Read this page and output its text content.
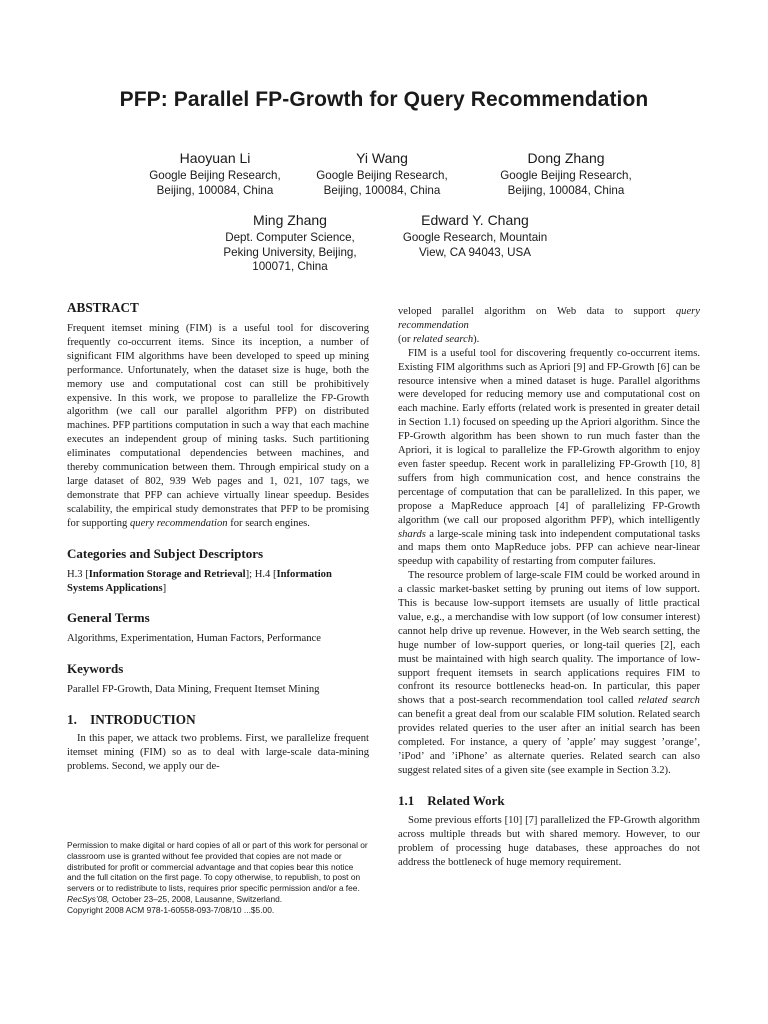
PFP: Parallel FP-Growth for Query Recommendation
Haoyuan Li
Google Beijing Research,
Beijing, 100084, China
Yi Wang
Google Beijing Research,
Beijing, 100084, China
Dong Zhang
Google Beijing Research,
Beijing, 100084, China
Ming Zhang
Dept. Computer Science,
Peking University, Beijing,
100071, China
Edward Y. Chang
Google Research, Mountain
View, CA 94043, USA
ABSTRACT

Frequent itemset mining (FIM) is a useful tool for discovering frequently co-occurrent items. Since its inception, a number of significant FIM algorithms have been developed to speed up mining performance. Unfortunately, when the dataset size is huge, both the memory use and computational cost can still be prohibitively expensive. In this work, we propose to parallelize the FP-Growth algorithm (we call our parallel algorithm PFP) on distributed machines. PFP partitions computation in such a way that each machine executes an independent group of mining tasks. Such partitioning eliminates computational dependencies between machines, and thereby communication between them. Through empirical study on a large dataset of 802, 939 Web pages and 1, 021, 107 tags, we demonstrate that PFP can achieve virtually linear speedup. Besides scalability, the empirical study demonstrates that PFP to be promising for supporting query recommendation for search engines.

Categories and Subject Descriptors

H.3 [Information Storage and Retrieval]; H.4 [Information Systems Applications]

General Terms

Algorithms, Experimentation, Human Factors, Performance

Keywords

Parallel FP-Growth, Data Mining, Frequent Itemset Mining

1.    INTRODUCTION

In this paper, we attack two problems. First, we parallelize frequent itemset mining (FIM) so as to deal with large-scale data-mining problems. Second, we apply our de-

Permission to make digital or hard copies of all or part of this work for personal or classroom use is granted without fee provided that copies are not made or distributed for profit or commercial advantage and that copies bear this notice and the full citation on the first page. To copy otherwise, to republish, to post on servers or to redistribute to lists, requires prior specific permission and/or a fee.

RecSys’08, October 23–25, 2008, Lausanne, Switzerland.

Copyright 2008 ACM 978-1-60558-093-7/08/10 ...$5.00.

veloped parallel algorithm on Web data to support query recommendation
(or related search).

FIM is a useful tool for discovering frequently co-occurrent items. Existing FIM algorithms such as Apriori [9] and FP-Growth [6] can be resource intensive when a mined dataset is huge. Parallel algorithms were developed for reducing memory use and computational cost on each machine. Early efforts (related work is presented in greater detail in Section 1.1) focused on speeding up the Apriori algorithm. Since the FP-Growth algorithm has been shown to run much faster than the Apriori, it is logical to parallelize the FP-Growth algorithm to enjoy even faster speedup. Recent work in parallelizing FP-Growth [10, 8] suffers from high communication cost, and hence constrains the percentage of computation that can be parallelized. In this paper, we propose a MapReduce approach [4] of parallelizing FP-Growth algorithm (we call our proposed algorithm PFP), which intelligently shards a large-scale mining task into independent computational tasks and maps them onto MapReduce jobs. PFP can achieve near-linear speedup with capability of restarting from computer failures.

The resource problem of large-scale FIM could be worked around in a classic market-basket setting by pruning out items of low support. This is because low-support itemsets are usually of little practical value, e.g., a merchandise with low support (of low consumer interest) cannot help drive up revenue. However, in the Web search setting, the huge number of low-support queries, or long-tail queries [2], each must be maintained with high search quality. The importance of low-support frequent itemsets in search applications requires FIM to confront its resource bottlenecks head-on. In particular, this paper shows that a post-search recommendation tool called related search can benefit a great deal from our scalable FIM solution. Related search provides related queries to the user after an initial search has been completed. For instance, a query of ’apple’ may suggest ’orange’, ’iPod’ and ’iPhone’ as alternate queries. Related search can also suggest related sites of a given site (see example in Section 3.2).

1.1    Related Work

Some previous efforts [10] [7] parallelized the FP-Growth algorithm across multiple threads but with shared memory. However, to our problem of processing huge databases, these approaches do not address the bottleneck of huge memory requirement.
